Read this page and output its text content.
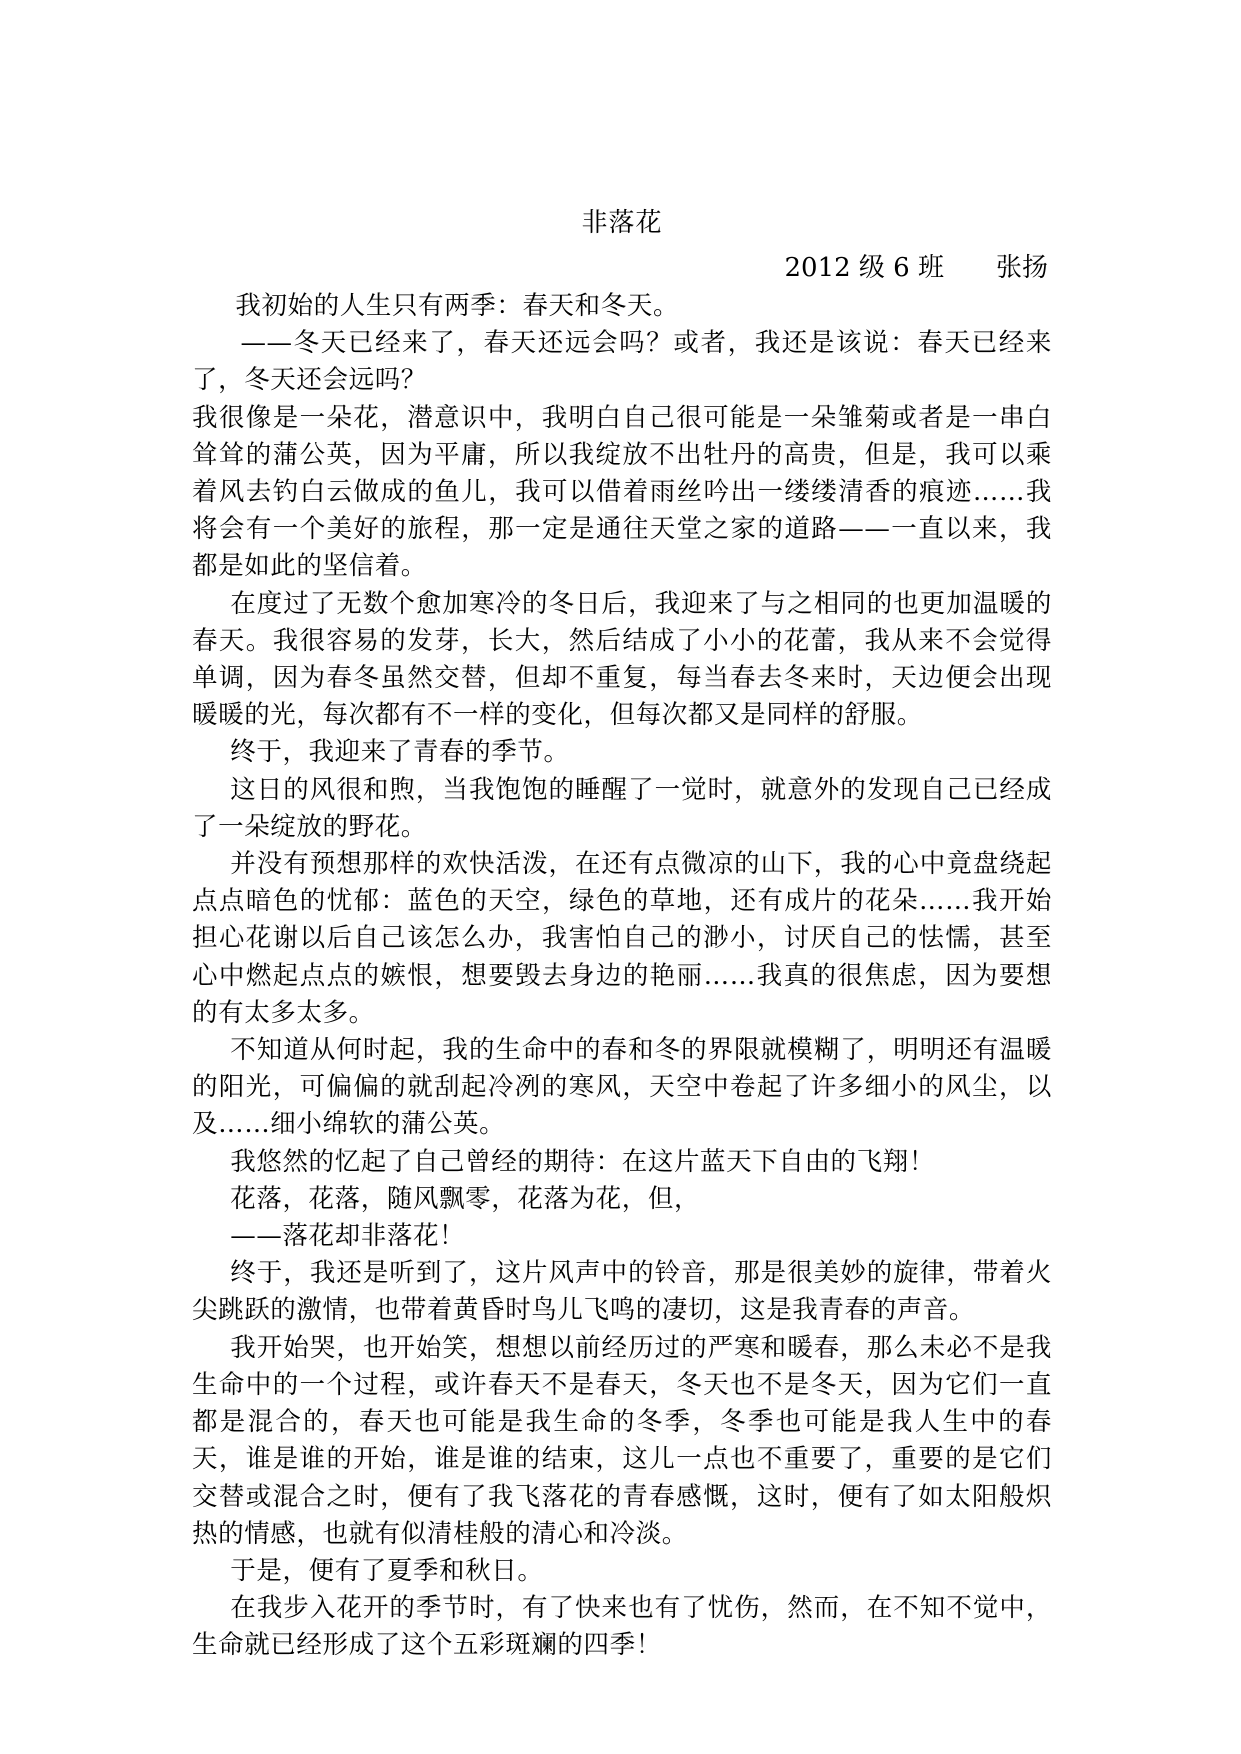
非落花
2012 级 6 班　　张扬

我初始的人生只有两季：春天和冬天。

——冬天已经来了，春天还远会吗？或者，我还是该说：春天已经来了，冬天还会远吗？

我很像是一朵花，潜意识中，我明白自己很可能是一朵雏菊或者是一串白耸耸的蒲公英，因为平庸，所以我绽放不出牡丹的高贵，但是，我可以乘着风去钓白云做成的鱼儿，我可以借着雨丝吟出一缕缕清香的痕迹……我将会有一个美好的旅程，那一定是通往天堂之家的道路——一直以来，我都是如此的坚信着。

在度过了无数个愈加寒冷的冬日后，我迎来了与之相同的也更加温暖的春天。我很容易的发芽，长大，然后结成了小小的花蕾，我从来不会觉得单调，因为春冬虽然交替，但却不重复，每当春去冬来时，天边便会出现暖暖的光，每次都有不一样的变化，但每次都又是同样的舒服。

终于，我迎来了青春的季节。

这日的风很和煦，当我饱饱的睡醒了一觉时，就意外的发现自己已经成了一朵绽放的野花。

并没有预想那样的欢快活泼，在还有点微凉的山下，我的心中竟盘绕起点点暗色的忧郁：蓝色的天空，绿色的草地，还有成片的花朵……我开始担心花谢以后自己该怎么办，我害怕自己的渺小，讨厌自己的怯懦，甚至心中燃起点点的嫉恨，想要毁去身边的艳丽……我真的很焦虑，因为要想的有太多太多。

不知道从何时起，我的生命中的春和冬的界限就模糊了，明明还有温暖的阳光，可偏偏的就刮起冷冽的寒风，天空中卷起了许多细小的风尘，以及……细小绵软的蒲公英。

我悠然的忆起了自己曾经的期待：在这片蓝天下自由的飞翔！

花落，花落，随风飘零，花落为花，但，

——落花却非落花！

终于，我还是听到了，这片风声中的铃音，那是很美妙的旋律，带着火尖跳跃的激情，也带着黄昏时鸟儿飞鸣的凄切，这是我青春的声音。

我开始哭，也开始笑，想想以前经历过的严寒和暖春，那么未必不是我生命中的一个过程，或许春天不是春天，冬天也不是冬天，因为它们一直都是混合的，春天也可能是我生命的冬季，冬季也可能是我人生中的春天，谁是谁的开始，谁是谁的结束，这儿一点也不重要了，重要的是它们交替或混合之时，便有了我飞落花的青春感慨，这时，便有了如太阳般炽热的情感，也就有似清桂般的清心和冷淡。

于是，便有了夏季和秋日。

在我步入花开的季节时，有了快来也有了忧伤，然而，在不知不觉中，生命就已经形成了这个五彩斑斓的四季！
